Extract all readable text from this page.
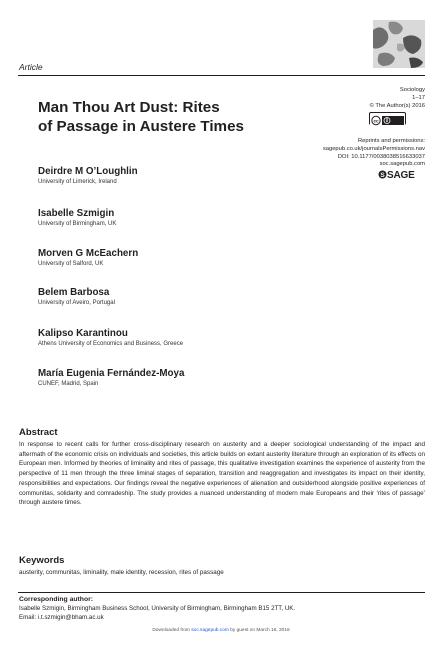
Article
Sociology
1–17
© The Author(s) 2016
cc
Reprints and permissions:
sagepub.co.uk/journalsPermissions.nav
DOI: 10.1177/0038038516633037
soc.sagepub.com
S SAGE
Man Thou Art Dust: Rites
of Passage in Austere Times
Deirdre M O’Loughlin
University of Limerick, Ireland
Isabelle Szmigin
University of Birmingham, UK
Morven G McEachern
University of Salford, UK
Belem Barbosa
University of Aveiro, Portugal
Kalipso Karantinou
Athens University of Economics and Business, Greece
María Eugenia Fernández-Moya
CUNEF, Madrid, Spain
Abstract
In response to recent calls for further cross-disciplinary research on austerity and a deeper sociological understanding of the impact and aftermath of the economic crisis on individuals and societies, this article builds on extant austerity literature through an exploration of its effects on European men. Informed by theories of liminality and rites of passage, this qualitative investigation examines the experience of austerity from the perspective of 11 men through the three liminal stages of separation, transition and reaggregation and investigates its impact on their identity, responsibilities and expectations. Our findings reveal the negative experiences of alienation and outsiderhood alongside positive experiences of communitas, solidarity and comradeship. The study provides a nuanced understanding of modern male Europeans and their ‘rites of passage’ through austere times.
Keywords
austerity, communitas, liminality, male identity, recession, rites of passage
Corresponding author:
Isabelle Szmigin, Birmingham Business School, University of Birmingham, Birmingham B15 2TT, UK.
Email: i.t.szmigin@bham.ac.uk
Downloaded from soc.sagepub.com by guest on March 16, 2016
